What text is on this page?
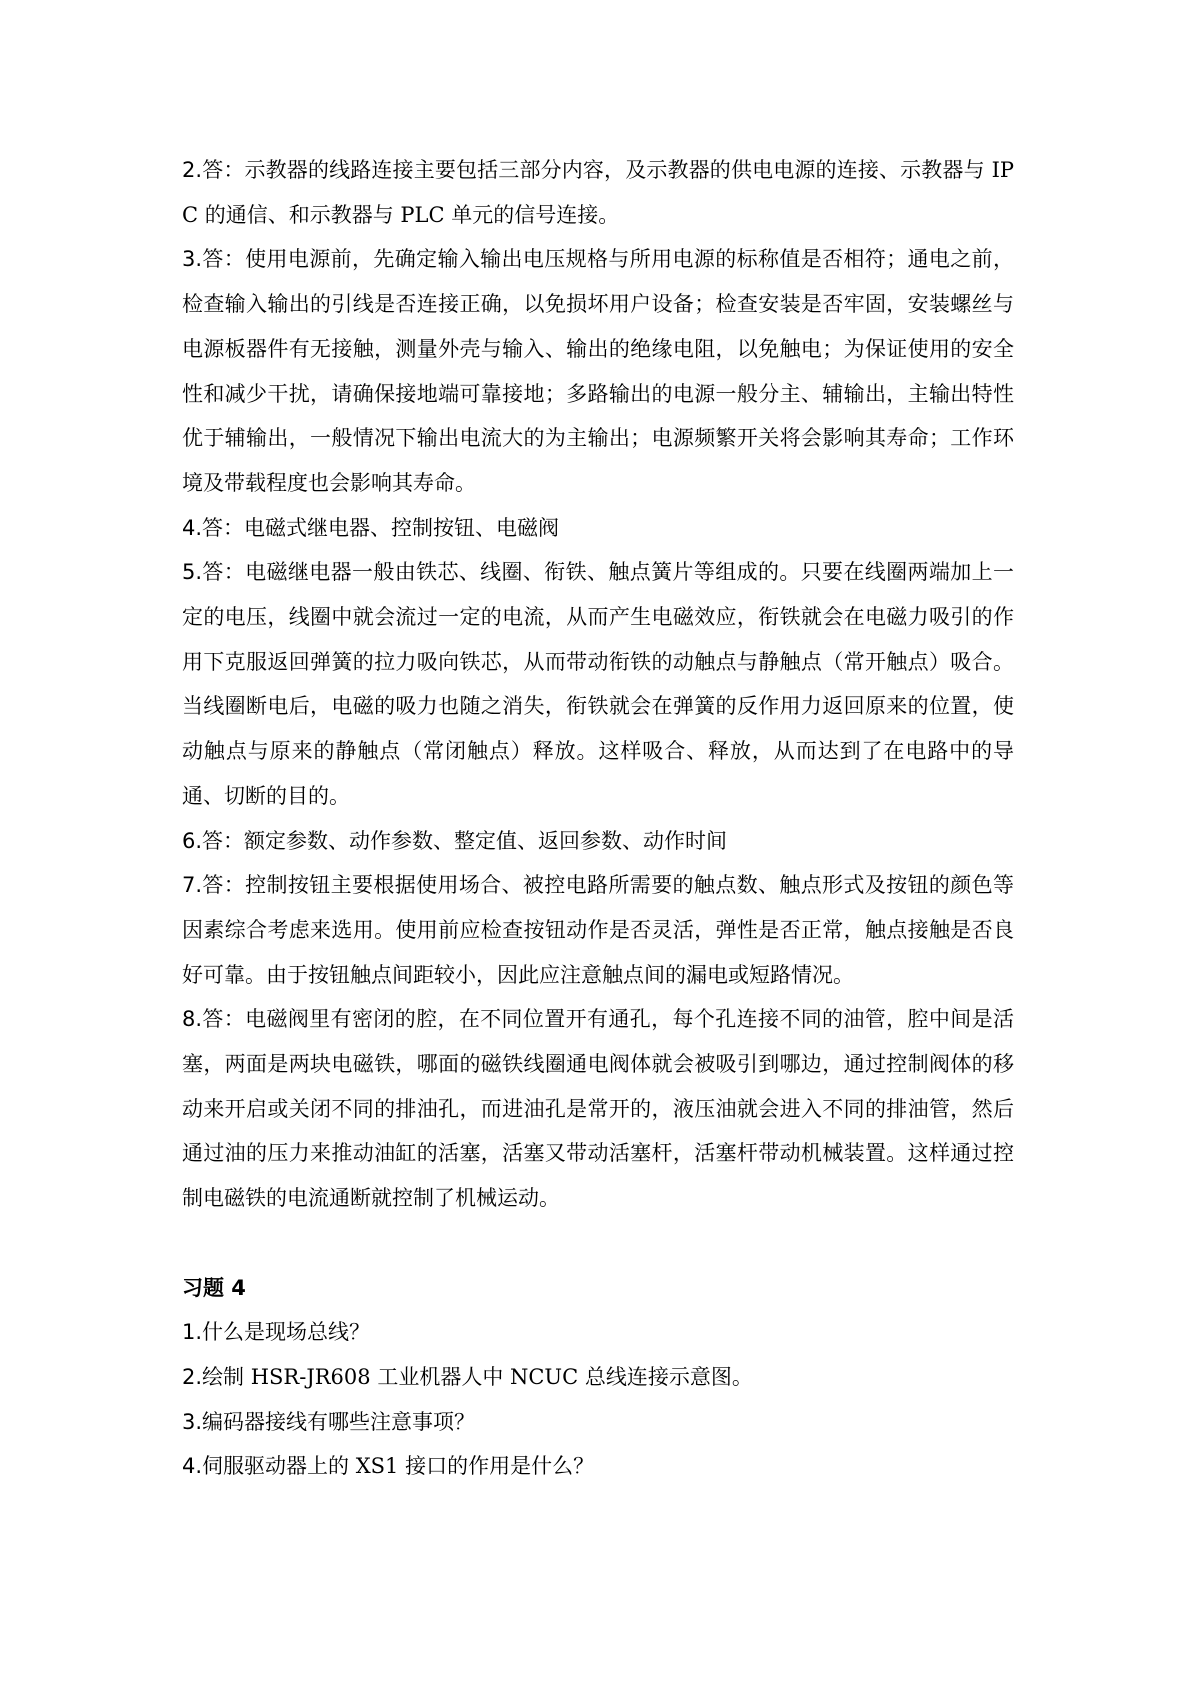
2.答：示教器的线路连接主要包括三部分内容，及示教器的供电电源的连接、示教器与 IPC 的通信、和示教器与 PLC 单元的信号连接。

3.答：使用电源前，先确定输入输出电压规格与所用电源的标称值是否相符；通电之前，检查输入输出的引线是否连接正确，以免损坏用户设备；检查安装是否牢固，安装螺丝与电源板器件有无接触，测量外壳与输入、输出的绝缘电阻，以免触电；为保证使用的安全性和减少干扰，请确保接地端可靠接地；多路输出的电源一般分主、辅输出，主输出特性优于辅输出，一般情况下输出电流大的为主输出；电源频繁开关将会影响其寿命；工作环境及带载程度也会影响其寿命。

4.答：电磁式继电器、控制按钮、电磁阀

5.答：电磁继电器一般由铁芯、线圈、衔铁、触点簧片等组成的。只要在线圈两端加上一定的电压，线圈中就会流过一定的电流，从而产生电磁效应，衔铁就会在电磁力吸引的作用下克服返回弹簧的拉力吸向铁芯，从而带动衔铁的动触点与静触点（常开触点）吸合。当线圈断电后，电磁的吸力也随之消失，衔铁就会在弹簧的反作用力返回原来的位置，使动触点与原来的静触点（常闭触点）释放。这样吸合、释放，从而达到了在电路中的导通、切断的目的。

6.答：额定参数、动作参数、整定值、返回参数、动作时间

7.答：控制按钮主要根据使用场合、被控电路所需要的触点数、触点形式及按钮的颜色等因素综合考虑来选用。使用前应检查按钮动作是否灵活，弹性是否正常，触点接触是否良好可靠。由于按钮触点间距较小，因此应注意触点间的漏电或短路情况。

8.答：电磁阀里有密闭的腔，在不同位置开有通孔，每个孔连接不同的油管，腔中间是活塞，两面是两块电磁铁，哪面的磁铁线圈通电阀体就会被吸引到哪边，通过控制阀体的移动来开启或关闭不同的排油孔，而进油孔是常开的，液压油就会进入不同的排油管，然后通过油的压力来推动油缸的活塞，活塞又带动活塞杆，活塞杆带动机械装置。这样通过控制电磁铁的电流通断就控制了机械运动。

习题 4

1.什么是现场总线？

2.绘制 HSR-JR608 工业机器人中 NCUC 总线连接示意图。

3.编码器接线有哪些注意事项？

4.伺服驱动器上的 XS1 接口的作用是什么？
